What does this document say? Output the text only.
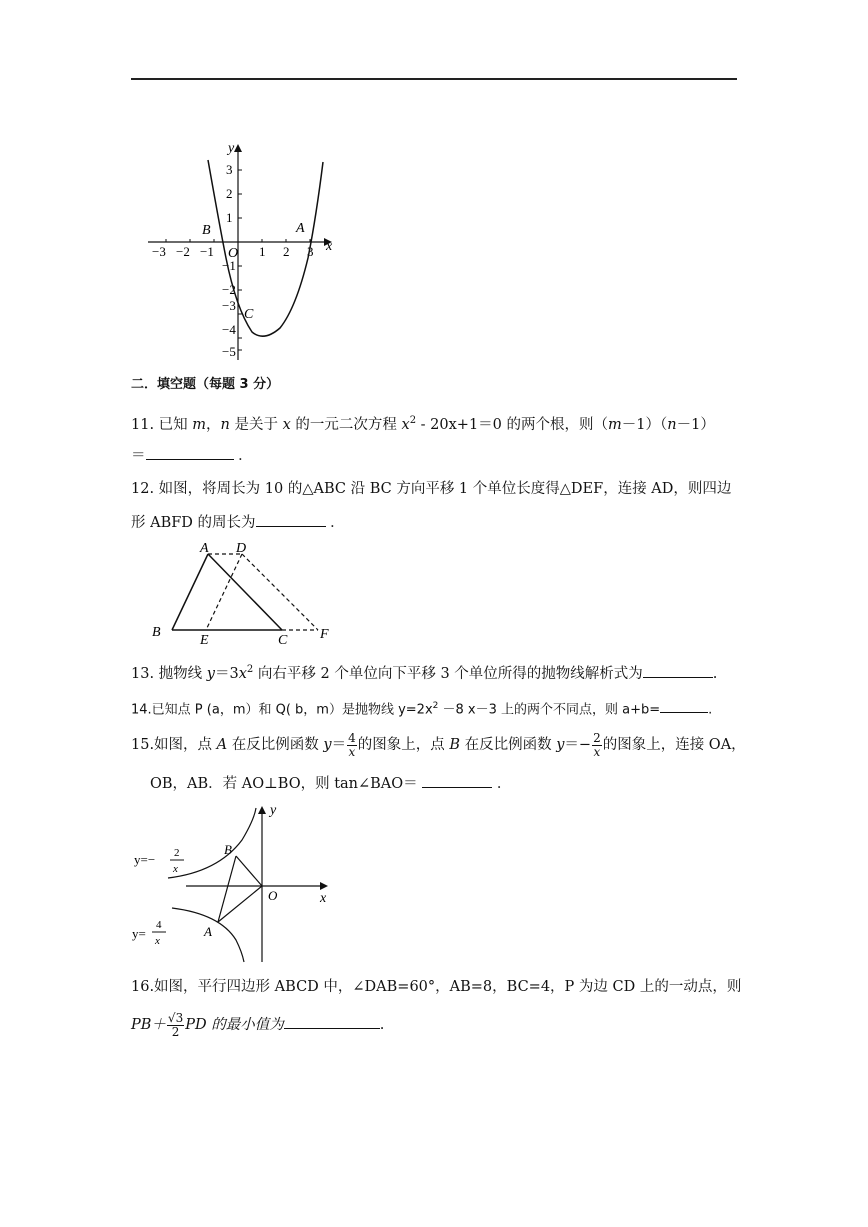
y
x
O
−3 −2 −1	1 2 3
3
2
1
−1
−2
−3
−4
−5
B	A
C
二．填空题（每题 3 分）
11. 已知 m，n 是关于 x 的一元二次方程 $x^2 - 20x+1=0$ 的两个根，则（m－1）（n－1）
＝	．
12. 如图，将周长为 10 的△ABC 沿 BC 方向平移 1 个单位长度得△DEF，连接 AD，则四边
形 ABFD 的周长为	．
A D
B
E	C F
13. 抛物线 $y=3x^2$ 向右平移 2 个单位向下平移 3 个单位所得的抛物线解析式为	.
14.已知点 P (a，m）和 Q( b，m）是抛物线 $y=2x^2 -8$ x－3 上的两个不同点，则 a+b=	.
15.如图，点 A 在反比例函数 $y= \frac{4}{x}$的图象上，点 B 在反比例函数 $y=- \frac{2}{x}$的图象上，连接 OA，
OB，AB．若 AO⊥BO，则 tan∠BAO＝	．
y
x
O
B
A
y=− 2
x
y=
4
x
16.如图，平行四边形 ABCD 中，∠DAB=60°，AB=8，BC=4，P 为边 CD 上的一动点，则
$PB+ \frac{√3}{2}$ PD 的最小值为	.
